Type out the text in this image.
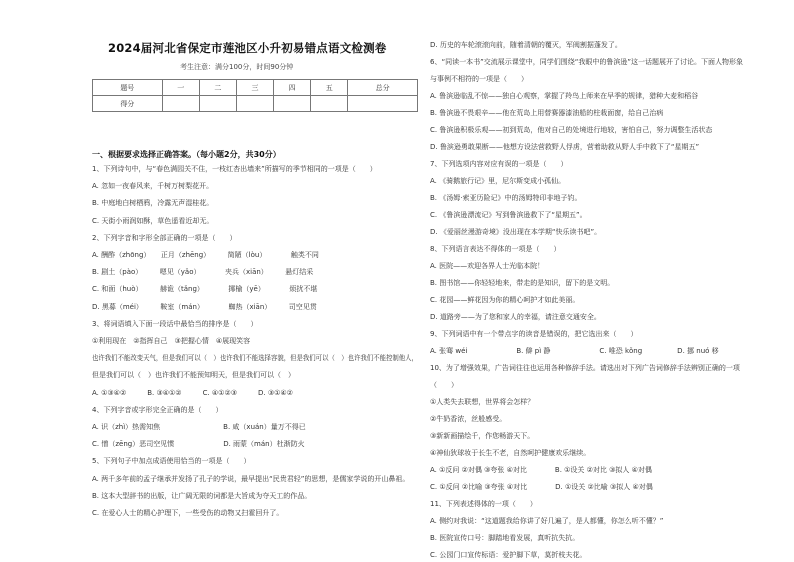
2024届河北省保定市莲池区小升初易错点语文检测卷
考生注意：满分100分，时间90分钟
题号	一	二	三	四	五	总分
得分						
一、根据要求选择正确答案。（每小题2分，共30分）
1、下列诗句中，与“春色满园关不住，一枝红杏出墙来”所描写的季节相同的一项是（　　）
A. 忽如一夜春风来，千树万树梨花开。
B. 中庭地白树栖鸦，冷露无声湿桂花。
C. 天街小雨润如酥，草色遥看近却无。
2、下列字音和字形全部正确的一项是（　　）
A. 酬酢（zhōng）　　正月（zhēng）　　　简陋（lòu）　　　　触类不同
B. 剧土（pào）　　　嗯见（yǎo）　　　　夹兵（xiān）　　　悬灯结采
C. 和面（huò）　　　赫诡（tǎng）　　　　揶榆（yē）　　　　烦扰不堪
D. 黑募（méi）　　　鞍室（mán）　　　　蜘热（xiān）　　　司空见贯
3、将词语填入下面一段话中最恰当的排序是（　　）
①利用现在　②指挥自己　③把握心情　④展现笑容
也许我们不能改变天气，但是我们可以（　）也许我们不能选择容貌，但是我们可以（　）也许我们不能控制他人，
但是我们可以（　）也许我们不能预知明天，但是我们可以（　）
A. ①③④②　　　B. ③④①②　　　C. ④①②③　　　D. ③①④②
4、下列字音或字形完全正确的是（　　）
A. 识（zhì）热需知焦　　　　　　　　　B. 咸（xuán）量万不得已
C. 憎（zēng）恶司空见惯　　　　　　　D. 雨蒙（mán）杜渐防火
5、下列句子中加点成语使用恰当的一项是（　　）
A. 两千多年前的孟子继承并发扬了孔子的学说，最早提出“民贵君轻”的思想，是儒家学说的开山鼻祖。
B. 这本大型辞书的出版，让广阔无限的词都是大旨成为夺天工的作品。
C. 在爱心人士的精心护理下，一些受伤的动物又扫霍回升了。
D. 历史的车轮滚滚向前，随着清朝的覆灭，军阀割据蓬发了。
6、“同读一本书”交流展示课堂中，同学们围绕“我眼中的鲁滨逊”这一话题展开了讨论。下面人物形象
与事例不相符的一项是（　　）
A. 鲁滨逊临乱不惊——独自心观察，掌握了羚鸟上师来在早季的规律，猎种大麦和稻谷
B. 鲁滨逊不畏艰辛——他在荒岛上用替赛器漆油船的柱栽面窗，给自己治病
C. 鲁滨逊积极乐观——初到荒岛，他对自己的处境进行地较，害怕自己，努力调整生活状态
D. 鲁滨逊勇敢果断——他想方设法营救野人俘虏，营着助救从野人手中救下了“星期五”
7、下列选项内容对应有误的一项是（　　）
A. 《骑鹅旅行记》里，尼尔斯变成小孤仙。
B. 《汤姆·索亚历险记》中的汤姆特印非地子钓。
C. 《鲁滨逊漂流记》写到鲁滨逊救下了“星期五”。
D. 《爱丽丝漫游奇境》没出现在本学期“快乐读书吧”。
8、下列语言表达不得体的一项是（　　）
A. 医院——欢迎各界人士光临本院！
B. 图书馆——你轻轻地来，带走的是知识，留下的是文明。
C. 花园——鲜花因为你的精心呵护才如此美丽。
D. 道路旁——为了您和家人的幸福，请注意交通安全。
9、下列词语中有一个带点字的读音是错误的，把它选出来（　　）
A. 张骞 wéi　　　　　　　B. 僻 pì 静　　　　　　　C. 唯恐 kǒng　　　　　D. 挪 nuó 移
10、为了增强效果，广告词往往也运用各种修辞手法。请选出对下列广告词修辞手法辨别正确的一项
（　　）
①人类失去联想，世界将会怎样？
②牛奶香浓，丝般感受。
③新新画描绘千，作您畅游天下。
④神仙狄球妆于长生不老，自然呵护健康欢乐继续。
A. ①反问 ②对偶 ③夸张 ④对比　　　　B. ①设关 ②对比 ③拟人 ④对偶
C. ①反问 ②比喻 ③夸张 ④对比　　　　D. ①设关 ②比喻 ③拟人 ④对偶
11、下列表述得体的一项（　　）
A. 侧约对我说：“这道题我给你讲了好几遍了，是人都懂，你怎么听不懂？”
B. 医院宣传口号：脚踏地看发展，真听抗失抗。
C. 公园门口宣传标语：爱护脚下草，莫折枝夫花。
